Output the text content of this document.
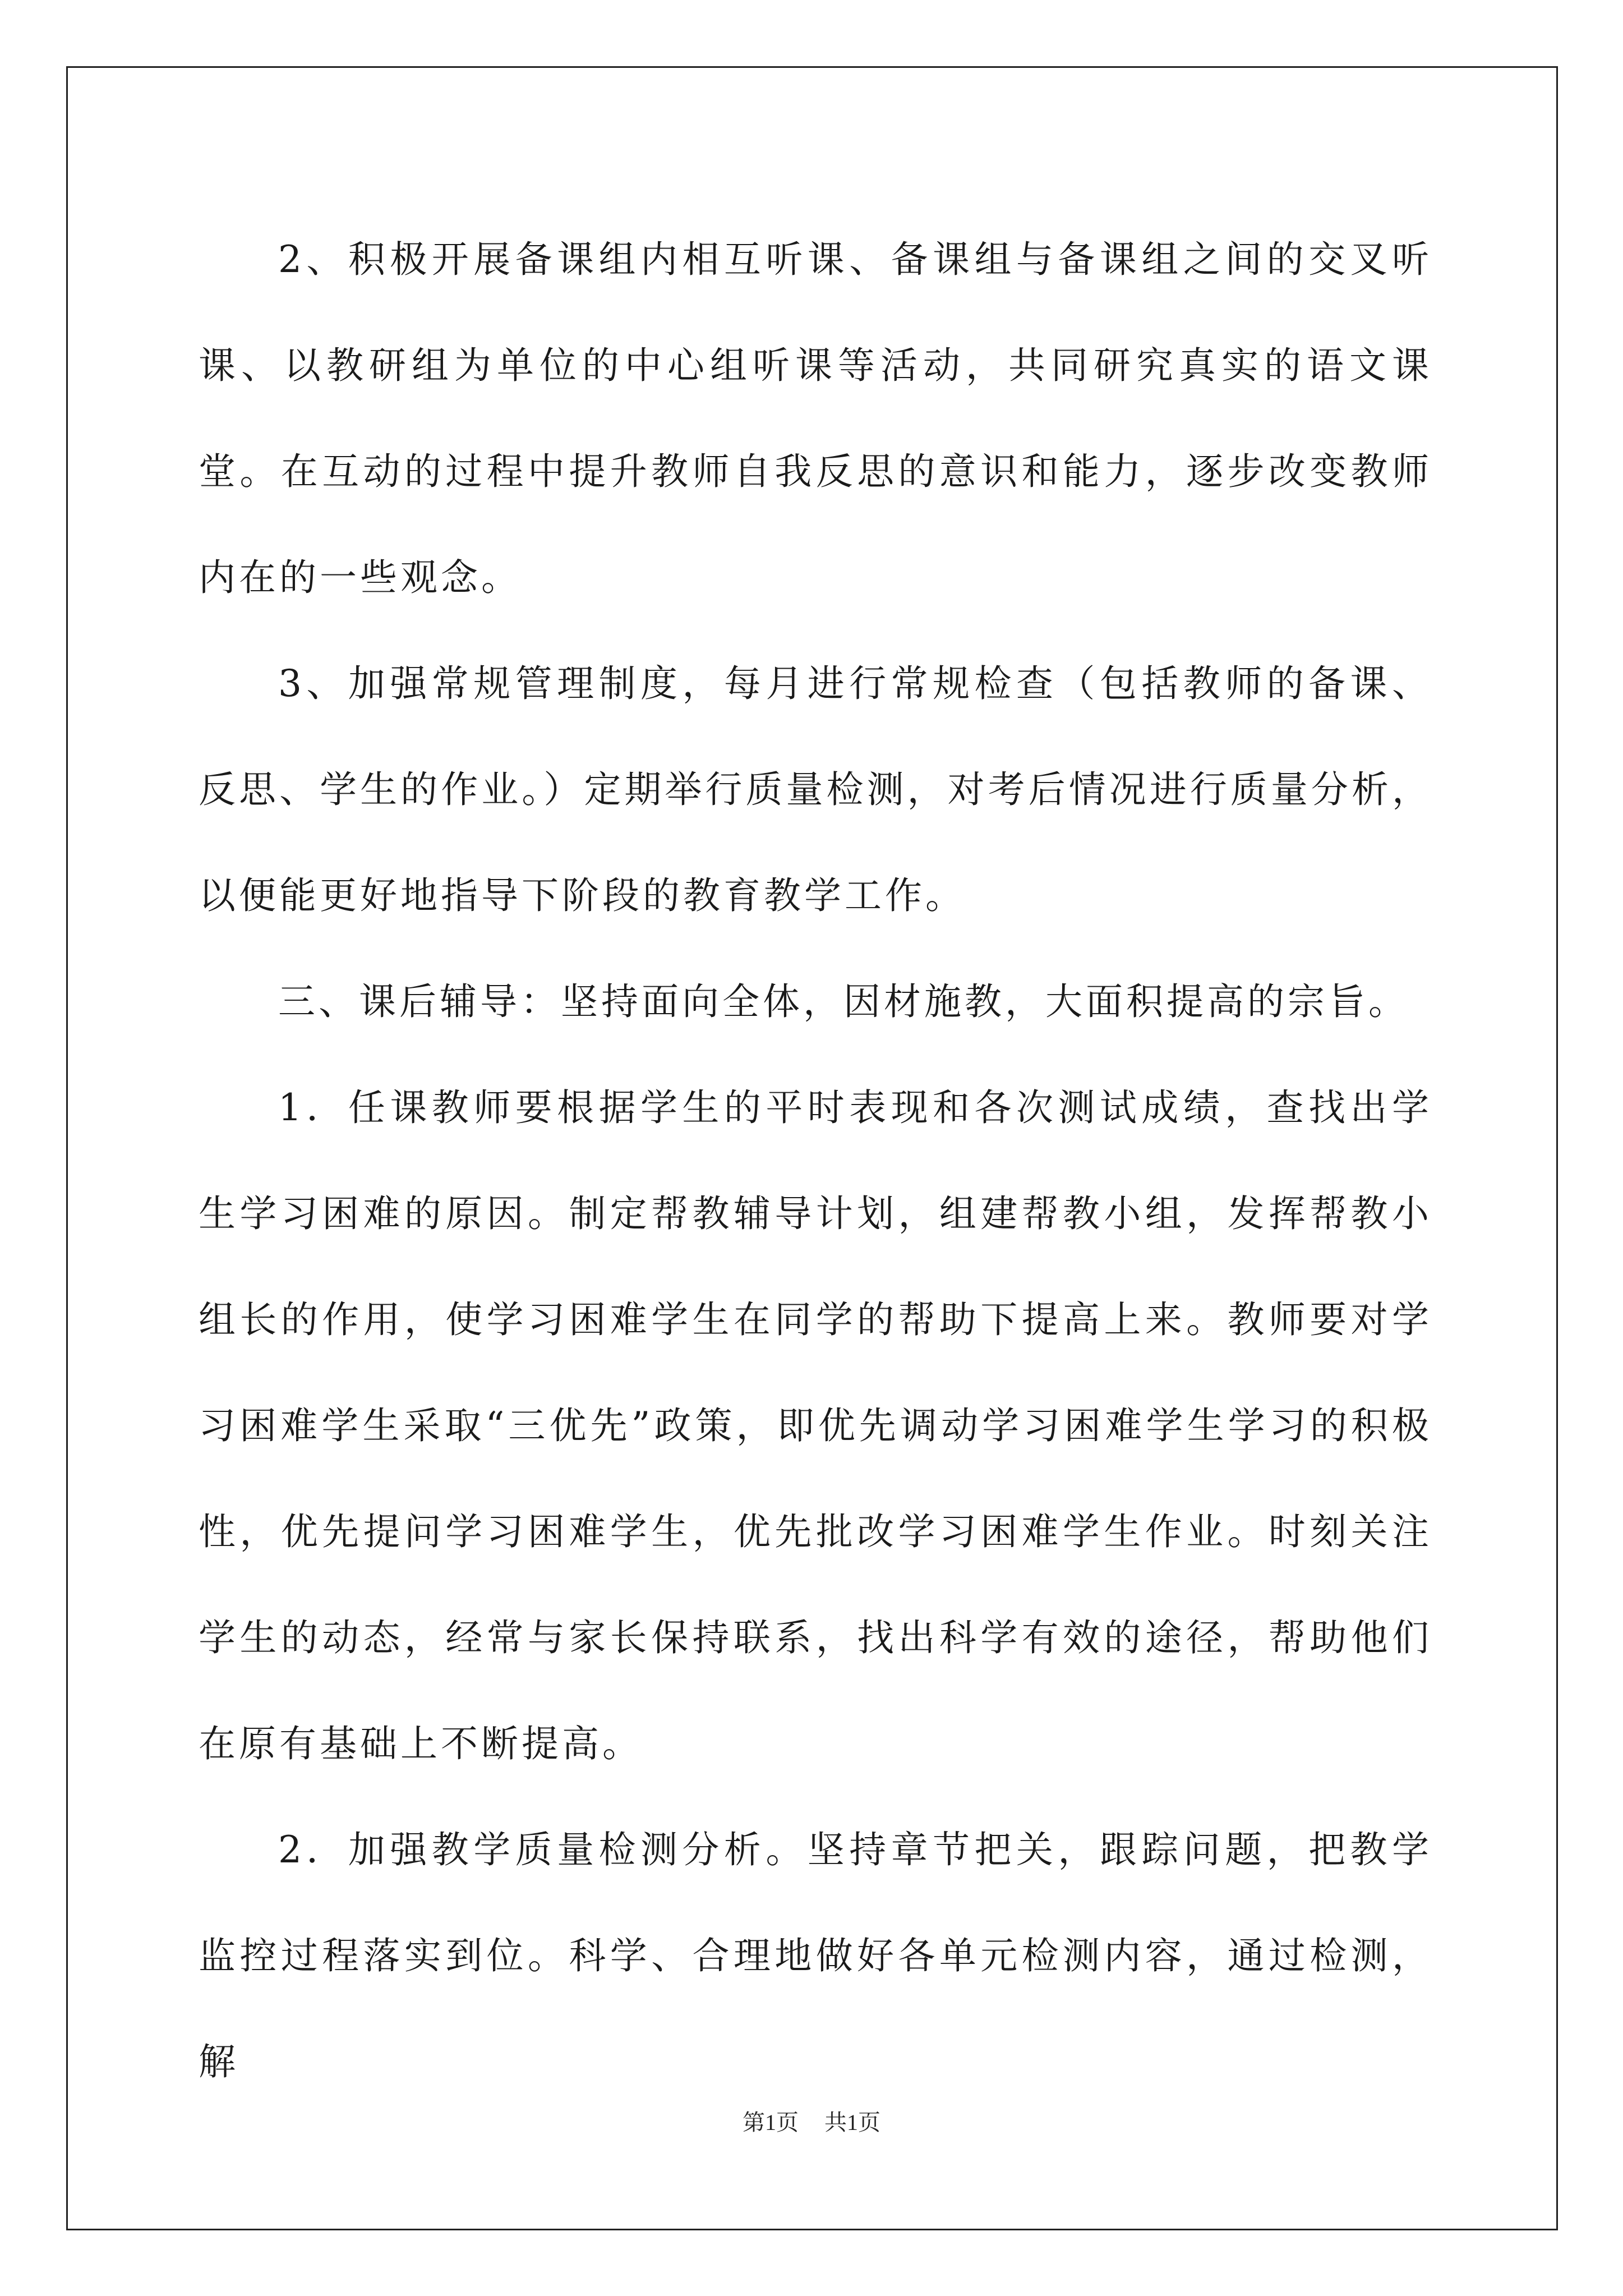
2、积极开展备课组内相互听课、备课组与备课组之间的交叉听课、以教研组为单位的中心组听课等活动，共同研究真实的语文课堂。在互动的过程中提升教师自我反思的意识和能力，逐步改变教师内在的一些观念。

3、加强常规管理制度，每月进行常规检查（包括教师的备课、反思、学生的作业。）定期举行质量检测，对考后情况进行质量分析，以便能更好地指导下阶段的教育教学工作。

三、课后辅导：坚持面向全体，因材施教，大面积提高的宗旨。

1．任课教师要根据学生的平时表现和各次测试成绩，查找出学生学习困难的原因。制定帮教辅导计划，组建帮教小组，发挥帮教小组长的作用，使学习困难学生在同学的帮助下提高上来。教师要对学习困难学生采取“三优先”政策，即优先调动学习困难学生学习的积极性，优先提问学习困难学生，优先批改学习困难学生作业。时刻关注学生的动态，经常与家长保持联系，找出科学有效的途径，帮助他们在原有基础上不断提高。

2．加强教学质量检测分析。坚持章节把关，跟踪问题，把教学监控过程落实到位。科学、合理地做好各单元检测内容，通过检测，解

第1页 共1页
